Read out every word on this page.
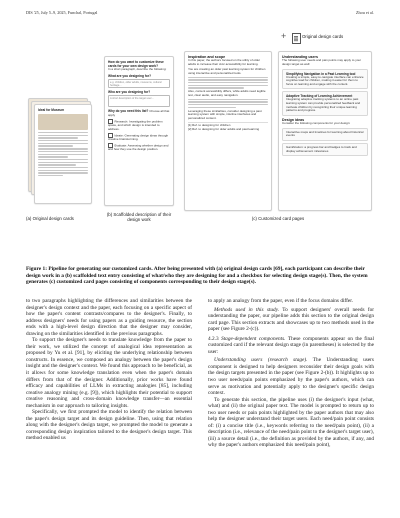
DIS '25, July 5–9, 2025, Funchal, Portugal	Zhou et al.
Ideal for Museum
(a) Original design cards
How do you want to customize these cards for your own design work?
In a short paragraph, describe the following:
What are you designing for?
e.g. children, older adults, museums, cultural heritage…
Who are you designing for?
A short description of the target user…
Why do you need this list? Choose all that apply
Research: Investigating the problem space, and which design is intended to address.
Ideate: Generating design ideas through creative brainstorming.
Evaluate: Assessing whether design and and how they use the design position.
(b) Scaffolded description of their design work
+	Original design cards
Inspiration and scope
In this paper, the authors focused on the utility of older adults to increase their civic accessibility for learning.
You are creating an older past learning system for children using interactive and personalized tools.
Also, content accessibility differs, while adults need legible text, clear audio, and easy navigation.
Leveraging these similarities, consider designing a past learning system with simple, intuitive interfaces and personalized content.
[1] Ref. to designing for children
[2] Ref. to designing for older adults and past learning
Understanding users
The following user needs and pain points may apply to your design target as well:
Simplifying Navigation in a Past Learning tool
Creating a simple, easy-to-navigate interface can enhance cognitive load for children, making it easier for them to focus on learning and engage with the content.
Adaptive Tracking of Learning Achievement
Integrating adaptive tracking systems to an online past learning system can provide personalized feedback and motivate children by recognizing their unique learning patterns and progress.
Design ideas
Consider the following components for your design:
Interactive maps and timelines for learning about historical events
Gamification: a progress bar and badges to track and display achievement milestones
(c) Customized card pages
Figure 1: Pipeline for generating our customized cards. After being presented with (a) original design cards [69], each participant can describe their design work in a (b) scaffolded text entry consisting of what/who they are designing for and a checkbox for selecting design stage(s). Then, the system generates (c) customized card pages consisting of components corresponding to their design stage(s).

to two paragraphs highlighting the differences and similarities between the designer's design context and the paper, each focusing on a specific aspect of how the paper's content contrasts/compares to the designer's. Finally, to address designers' needs for using papers as a guiding resource, the section ends with a high-level design direction that the designer may consider, drawing on the similarities identified in the previous paragraphs.

To support the designer's needs to translate knowledge from the paper to their work, we utilized the concept of analogical idea representation as proposed by Yu et al. [91], by eliciting the underlying relationship between constructs. In essence, we composed an analogy between the paper's design insight and the designer's context. We found this approach to be beneficial, as it allows for some knowledge translation even when the paper's domain differs from that of the designer. Additionally, prior works have found efficacy and capabilities of LLMs in extracting analogies [85], including creative analogy mining (e.g. [9]), which highlights their potential to support creative reasoning and cross-domain knowledge transfer—an essential mechanism in our approach to tailoring insights.

Specifically, we first prompted the model to identify the relation between the paper's design target and its design guideline. Then, using that relation along with the designer's design target, we prompted the model to generate a corresponding design inspiration tailored to the designer's design target. This method enabled us

to apply an analogy from the paper, even if the focus domains differ.

Methods used in this study. To support designers' overall needs for understanding the paper, our pipeline adds this section to the original design card page. This section extracts and showcases up to two methods used in the paper (see Figure 2-(c)).

4.2.3 Stage-dependent components. These components appear on the final customized card if the relevant design stage (in parentheses) is selected by the user:

Understanding users (research stage). The Understanding users component is designed to help designers reconsider their design goals with the design targets presented in the paper (see Figure 2-(b)). It highlights up to two user needs/pain points emphasized by the paper's authors, which can serve as motivation and potentially apply to the designer's specific design context.

To generate this section, the pipeline uses (i) the designer's input (what, what) and (ii) the original paper text. The model is prompted to return up to two user needs or pain points highlighted by the paper authors that may also help the designer understand their target users. Each need/pain point consists of: (i) a concise title (i.e., keywords referring to the need/pain point), (ii) a description (i.e., relevance of the need/pain point to the designer's target user), (iii) a source detail (i.e., the definition as provided by the authors, if any, and why the paper's authors emphasized this need/pain point),
